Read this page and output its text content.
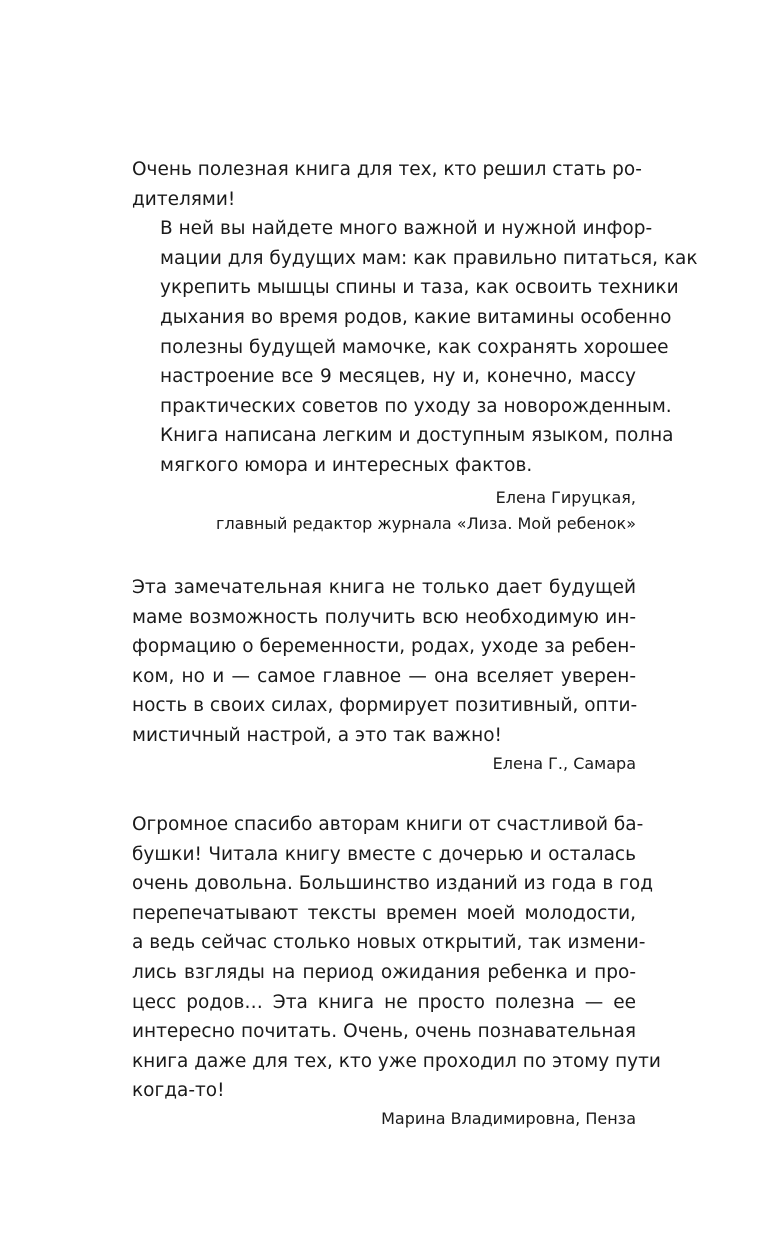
Очень полезная книга для тех, кто решил стать ро-
дителями!

В ней вы найдете много важной и нужной инфор-
мации для будущих мам: как правильно питаться, как
укрепить мышцы спины и таза, как освоить техники
дыхания во время родов, какие витамины особенно
полезны будущей мамочке, как сохранять хорошее
настроение все 9 месяцев, ну и, конечно, массу
практических советов по уходу за новорожденным.

Книга написана легким и доступным языком, полна
мягкого юмора и интересных фактов.

Елена Гируцкая,
главный редактор журнала «Лиза. Мой ребенок»

Эта замечательная книга не только дает будущей
маме возможность получить всю необходимую ин-
формацию о беременности, родах, уходе за ребен-
ком, но и — самое главное — она вселяет уверен-
ность в своих силах, формирует позитивный, опти-
мистичный настрой, а это так важно!

Елена Г., Самара

Огромное спасибо авторам книги от счастливой ба-
бушки! Читала книгу вместе с дочерью и осталась
очень довольна. Большинство изданий из года в год
перепечатывают тексты времен моей молодости,
а ведь сейчас столько новых открытий, так измени-
лись взгляды на период ожидания ребенка и про-
цесс родов… Эта книга не просто полезна — ее
интересно почитать. Очень, очень познавательная
книга даже для тех, кто уже проходил по этому пути
когда-то!

Марина Владимировна, Пенза
